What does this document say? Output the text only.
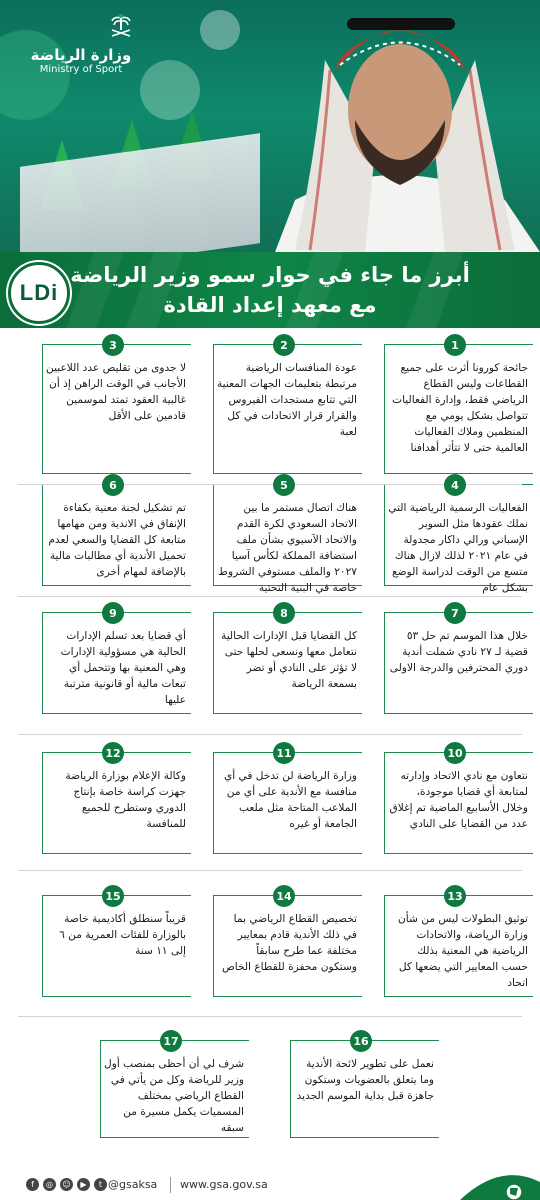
وزارة الرياضة
Ministry of Sport
أبرز ما جاء في حوار سمو وزير الرياضة
مع معهد إعداد القادة
LDi
1
جائحة كورونا أثرت على جميع القطاعات وليس القطاع الرياضي فقط، وإدارة الفعاليات تتواصل بشكل يومي مع المنظمين وملاك الفعاليات العالمية حتى لا تتأثر أهدافنا
2
عودة المنافسات الرياضية مرتبطة بتعليمات الجهات المعنية التي تتابع مستجدات الفيروس والقرار قرار الاتحادات في كل لعبة
3
لا جدوى من تقليص عدد اللاعبين الأجانب في الوقت الراهن إذ أن غالبية العقود تمتد لموسمين قادمين على الأقل
4
الفعاليات الرسمية الرياضية التي نملك عقودها مثل السوبر الإسباني ورالي داكار مجدولة في عام ٢٠٢١ لذلك لازال هناك متسع من الوقت لدراسة الوضع بشكل عام
5
هناك اتصال مستمر ما بين الاتحاد السعودي لكرة القدم والاتحاد الآسيوي بشأن ملف استضافة المملكة لكأس آسيا ٢٠٢٧ والملف مستوفي الشروط خاصة في البنية التحتية
6
تم تشكيل لجنة معنية بكفاءة الإنفاق في الاندية ومن مهامها متابعة كل القضايا والسعي لعدم تحميل الأندية أي مطالبات مالية بالإضافة لمهام أخرى
7
خلال هذا الموسم تم حل ٥٣ قضية لـ ٢٧ نادي شملت أندية دوري المحترفين والدرجة الاولى
8
كل القضايا قبل الإدارات الحالية نتعامل معها ونسعى لحلها حتى لا تؤثر على النادي أو تضر بسمعة الرياضة
9
أي قضايا بعد تسلم الإدارات الحالية هي مسؤولية الإدارات وهي المعنية بها وتتحمل أي تبعات مالية أو قانونية مترتبة عليها
10
نتعاون مع نادي الاتحاد وإدارته لمتابعة أي قضايا موجودة، وخلال الأسابيع الماضية تم إغلاق عدد من القضايا على النادي
11
وزارة الرياضة لن تدخل في أي منافسة مع الأندية على أي من الملاعب المتاحة مثل ملعب الجامعة أو غيره
12
وكالة الإعلام بوزارة الرياضة جهزت كراسة خاصة بإنتاج الدوري وستطرح للجميع للمنافسة
13
توثيق البطولات ليس من شأن وزارة الرياضة، والاتحادات الرياضية هي المعنية بذلك حسب المعايير التي يضعها كل اتحاد
14
تخصيص القطاع الرياضي بما في ذلك الأندية قادم بمعايير مختلفة عما طرح سابقاً وستكون محفزة للقطاع الخاص
15
قريباً سنطلق أكاديمية خاصة بالوزارة للفئات العمرية من ٦ إلى ١١ سنة
16
نعمل على تطوير لائحة الأندية وما يتعلق بالعضويات وستكون جاهزة قبل بداية الموسم الجديد
17
شرف لي أن أحظى بمنصب أول وزير للرياضة وكل من يأتي في القطاع الرياضي بمختلف المسميات يكمل مسيرة من سبقه
f	◎	☺	▶	t @gsaksa www.gsa.gov.sa
